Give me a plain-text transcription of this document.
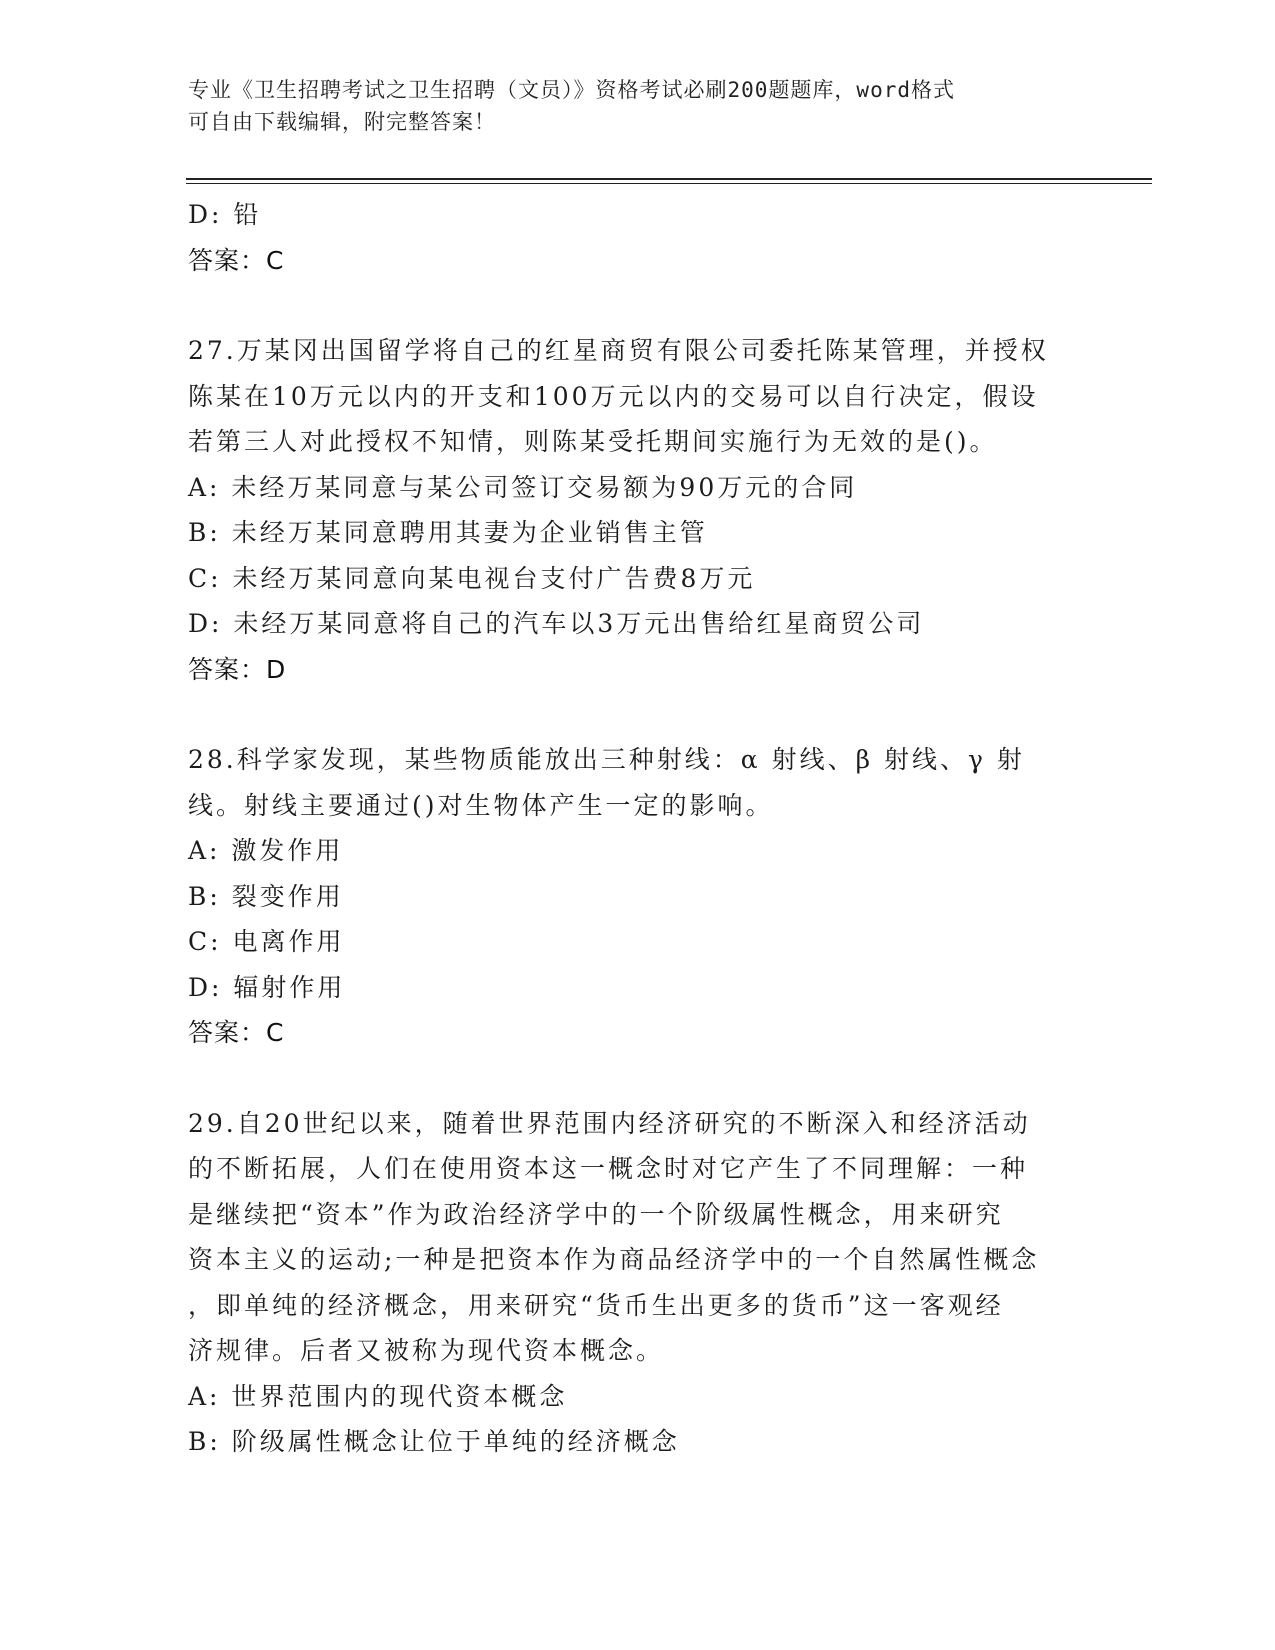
专业《卫生招聘考试之卫生招聘（文员）》资格考试必刷200题题库，word格式
可自由下载编辑，附完整答案！
D: 铅
答案：C
27.万某冈出国留学将自己的红星商贸有限公司委托陈某管理，并授权
陈某在10万元以内的开支和100万元以内的交易可以自行决定，假设
若第三人对此授权不知情，则陈某受托期间实施行为无效的是()。
A: 未经万某同意与某公司签订交易额为90万元的合同
B: 未经万某同意聘用其妻为企业销售主管
C: 未经万某同意向某电视台支付广告费8万元
D: 未经万某同意将自己的汽车以3万元出售给红星商贸公司
答案：D
28.科学家发现，某些物质能放出三种射线：α 射线、β 射线、γ 射
线。射线主要通过()对生物体产生一定的影响。
A: 激发作用
B: 裂变作用
C: 电离作用
D: 辐射作用
答案：C
29.自20世纪以来，随着世界范围内经济研究的不断深入和经济活动
的不断拓展，人们在使用资本这一概念时对它产生了不同理解：一种
是继续把“资本”作为政治经济学中的一个阶级属性概念，用来研究
资本主义的运动;一种是把资本作为商品经济学中的一个自然属性概念
，即单纯的经济概念，用来研究“货币生出更多的货币”这一客观经
济规律。后者又被称为现代资本概念。
A: 世界范围内的现代资本概念
B: 阶级属性概念让位于单纯的经济概念
